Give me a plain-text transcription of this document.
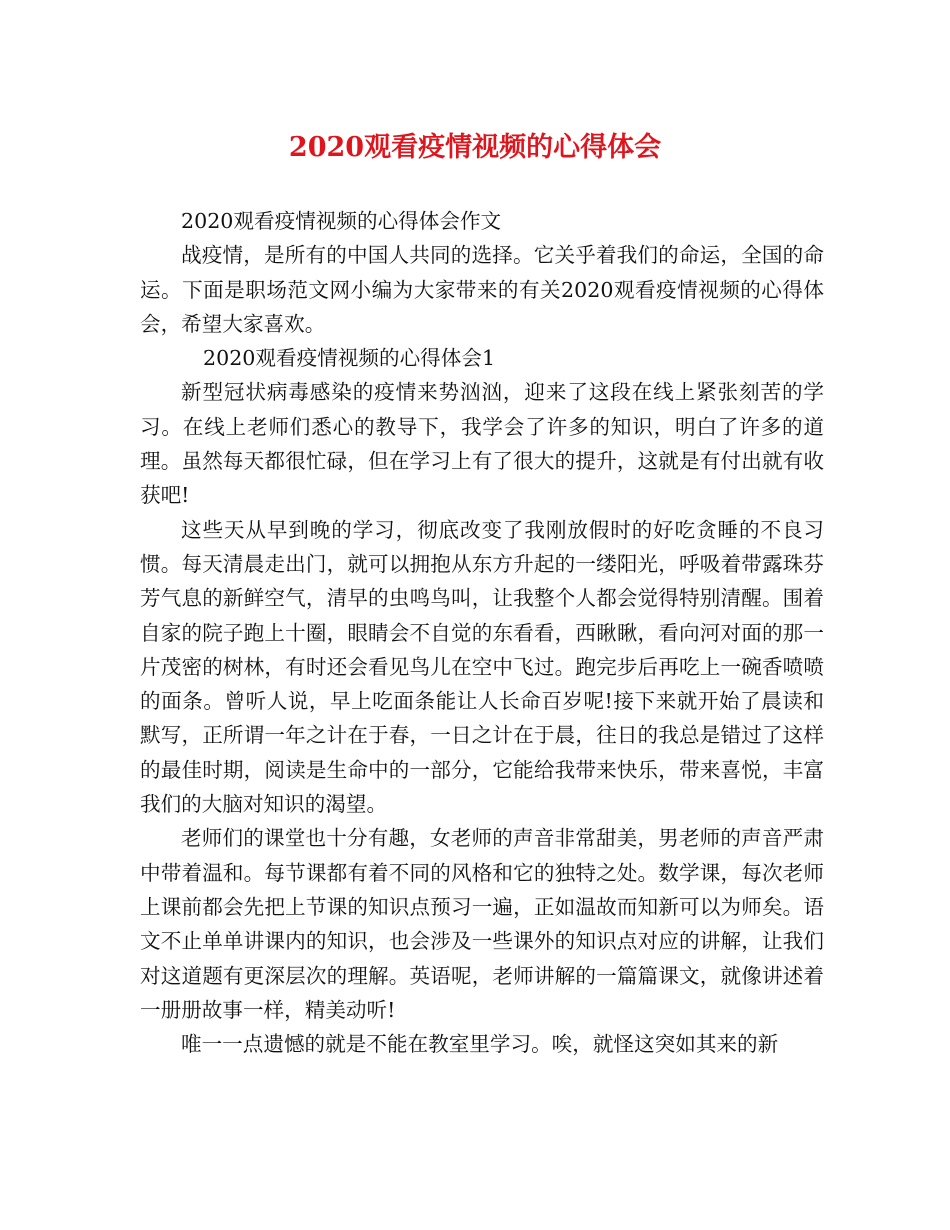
2020观看疫情视频的心得体会

2020观看疫情视频的心得体会作文

战疫情，是所有的中国人共同的选择。它关乎着我们的命运，全国的命运。下面是职场范文网小编为大家带来的有关2020观看疫情视频的心得体会，希望大家喜欢。

2020观看疫情视频的心得体会1

新型冠状病毒感染的疫情来势汹汹，迎来了这段在线上紧张刻苦的学习。在线上老师们悉心的教导下，我学会了许多的知识，明白了许多的道理。虽然每天都很忙碌，但在学习上有了很大的提升，这就是有付出就有收获吧!

这些天从早到晚的学习，彻底改变了我刚放假时的好吃贪睡的不良习惯。每天清晨走出门，就可以拥抱从东方升起的一缕阳光，呼吸着带露珠芬芳气息的新鲜空气，清早的虫鸣鸟叫，让我整个人都会觉得特别清醒。围着自家的院子跑上十圈，眼睛会不自觉的东看看，西瞅瞅，看向河对面的那一片茂密的树林，有时还会看见鸟儿在空中飞过。跑完步后再吃上一碗香喷喷的面条。曾听人说，早上吃面条能让人长命百岁呢!接下来就开始了晨读和默写，正所谓一年之计在于春，一日之计在于晨，往日的我总是错过了这样的最佳时期，阅读是生命中的一部分，它能给我带来快乐，带来喜悦，丰富我们的大脑对知识的渴望。

老师们的课堂也十分有趣，女老师的声音非常甜美，男老师的声音严肃中带着温和。每节课都有着不同的风格和它的独特之处。数学课，每次老师上课前都会先把上节课的知识点预习一遍，正如温故而知新可以为师矣。语文不止单单讲课内的知识，也会涉及一些课外的知识点对应的讲解，让我们对这道题有更深层次的理解。英语呢，老师讲解的一篇篇课文，就像讲述着一册册故事一样，精美动听!

唯一一点遗憾的就是不能在教室里学习。唉，就怪这突如其来的新
